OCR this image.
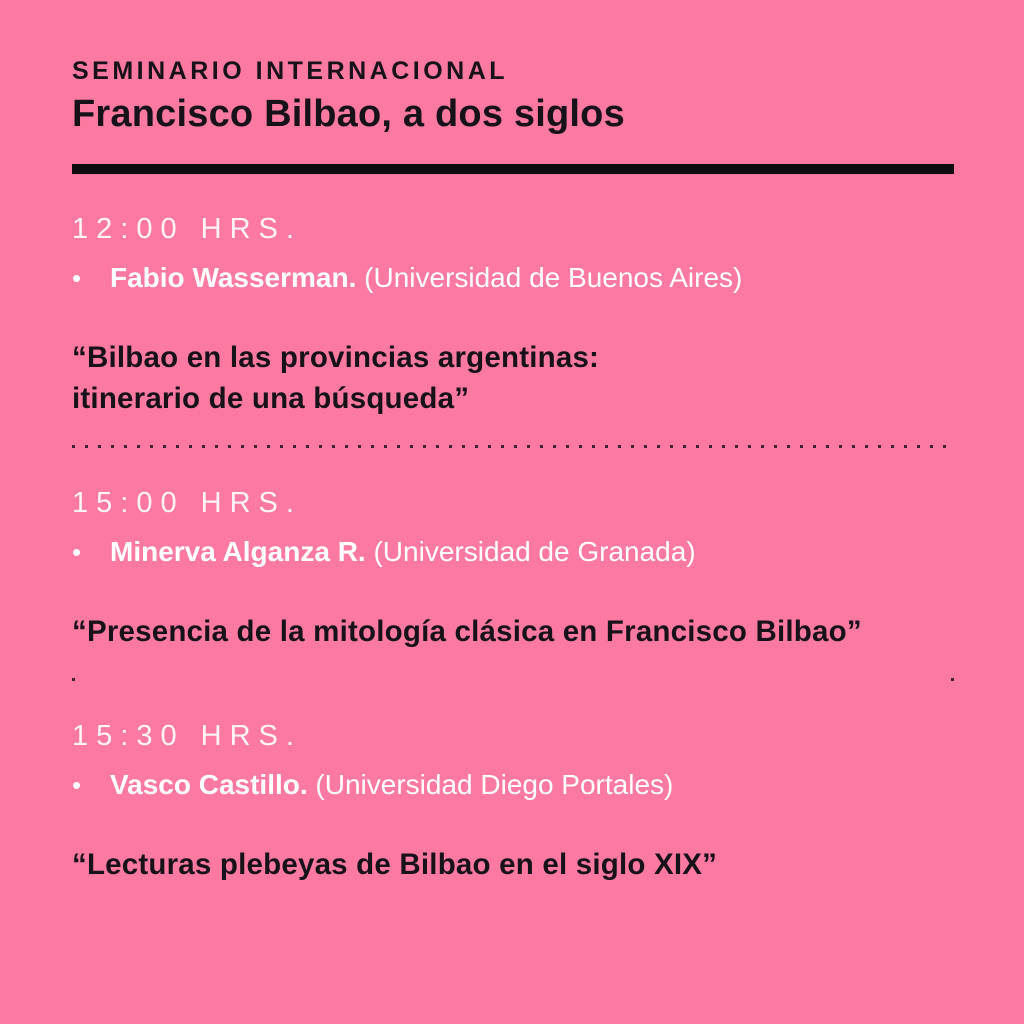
SEMINARIO INTERNACIONAL
Francisco Bilbao, a dos siglos
12:00 HRS.
•	Fabio Wasserman. (Universidad de Buenos Aires)
“Bilbao en las provincias argentinas:
itinerario de una búsqueda”
15:00 HRS.
•	Minerva Alganza R. (Universidad de Granada)
“Presencia de la mitología clásica en Francisco Bilbao”
15:30 HRS.
•	Vasco Castillo. (Universidad Diego Portales)
“Lecturas plebeyas de Bilbao en el siglo XIX”
